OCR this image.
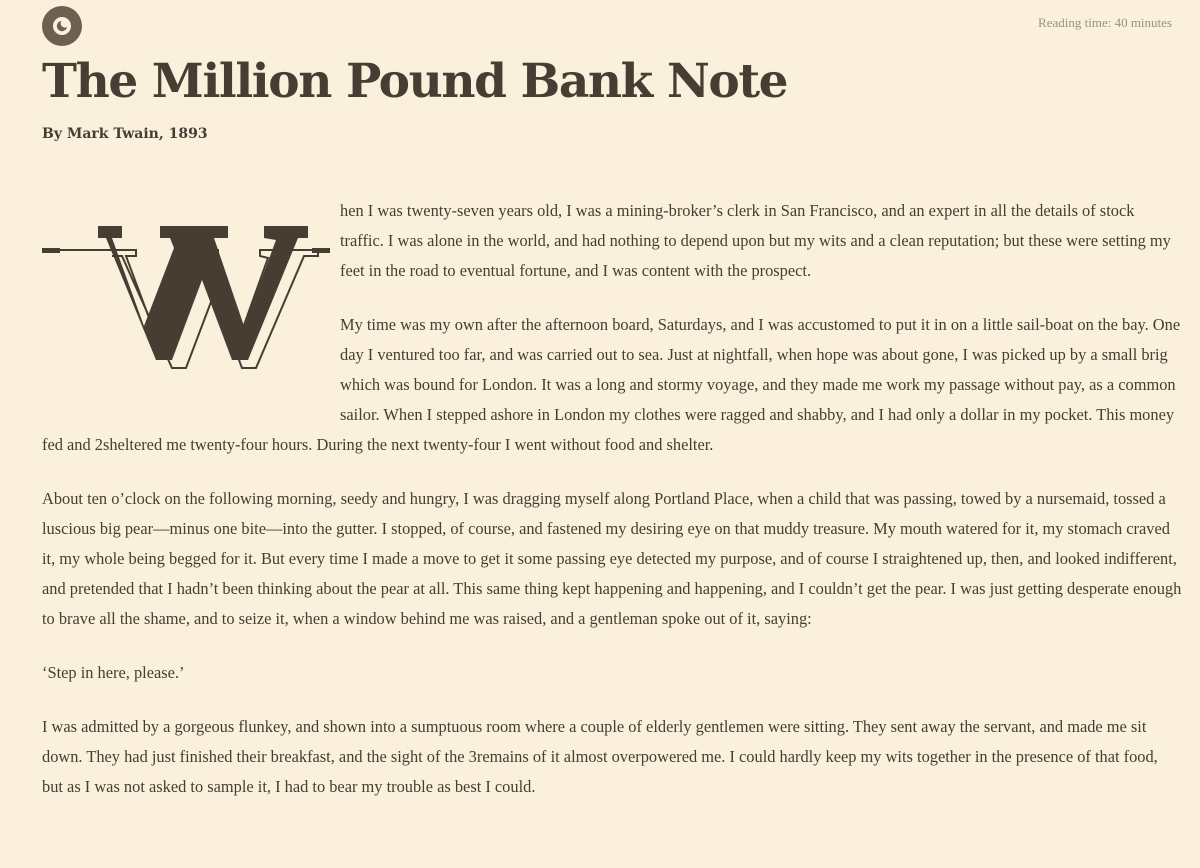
Reading time: 40 minutes
The Million Pound Bank Note
By Mark Twain, 1893

hen I was twenty-seven years old, I was a mining-broker’s clerk in San Francisco, and an expert in all the details of stock traffic. I was alone in the world, and had nothing to depend upon but my wits and a clean reputation; but these were setting my feet in the road to eventual fortune, and I was content with the prospect.

My time was my own after the afternoon board, Saturdays, and I was accustomed to put it in on a little sail-boat on the bay. One day I ventured too far, and was carried out to sea. Just at nightfall, when hope was about gone, I was picked up by a small brig which was bound for London. It was a long and stormy voyage, and they made me work my passage without pay, as a common sailor. When I stepped ashore in London my clothes were ragged and shabby, and I had only a dollar in my pocket. This money fed and 2sheltered me twenty-four hours. During the next twenty-four I went without food and shelter.

About ten o’clock on the following morning, seedy and hungry, I was dragging myself along Portland Place, when a child that was passing, towed by a nursemaid, tossed a luscious big pear—minus one bite—into the gutter. I stopped, of course, and fastened my desiring eye on that muddy treasure. My mouth watered for it, my stomach craved it, my whole being begged for it. But every time I made a move to get it some passing eye detected my purpose, and of course I straightened up, then, and looked indifferent, and pretended that I hadn’t been thinking about the pear at all. This same thing kept happening and happening, and I couldn’t get the pear. I was just getting desperate enough to brave all the shame, and to seize it, when a window behind me was raised, and a gentleman spoke out of it, saying:

‘Step in here, please.’

I was admitted by a gorgeous flunkey, and shown into a sumptuous room where a couple of elderly gentlemen were sitting. They sent away the servant, and made me sit down. They had just finished their breakfast, and the sight of the 3remains of it almost overpowered me. I could hardly keep my wits together in the presence of that food, but as I was not asked to sample it, I had to bear my trouble as best I could.
